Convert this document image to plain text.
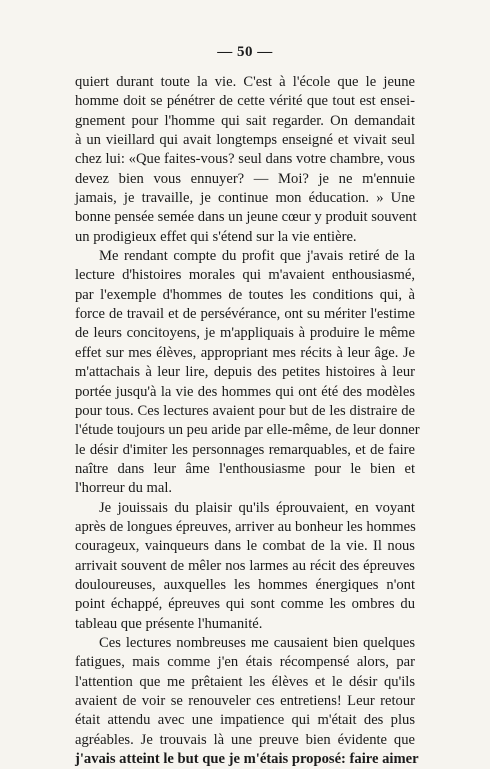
— 50 —
quiert durant toute la vie. C'est à l'école que le jeune
homme doit se pénétrer de cette vérité que tout est ensei-
gnement pour l'homme qui sait regarder. On demandait
à un vieillard qui avait longtemps enseigné et vivait seul
chez lui: «Que faites-vous? seul dans votre chambre, vous
devez bien vous ennuyer? — Moi? je ne m'ennuie
jamais, je travaille, je continue mon éducation. » Une
bonne pensée semée dans un jeune cœur y produit souvent
un prodigieux effet qui s'étend sur la vie entière.
Me rendant compte du profit que j'avais retiré de la
lecture d'histoires morales qui m'avaient enthousiasmé,
par l'exemple d'hommes de toutes les conditions qui, à
force de travail et de persévérance, ont su mériter l'estime
de leurs concitoyens, je m'appliquais à produire le même
effet sur mes élèves, appropriant mes récits à leur âge. Je
m'attachais à leur lire, depuis des petites histoires à leur
portée jusqu'à la vie des hommes qui ont été des modèles
pour tous. Ces lectures avaient pour but de les distraire de
l'étude toujours un peu aride par elle-même, de leur donner
le désir d'imiter les personnages remarquables, et de faire
naître dans leur âme l'enthousiasme pour le bien et
l'horreur du mal.
Je jouissais du plaisir qu'ils éprouvaient, en voyant
après de longues épreuves, arriver au bonheur les hommes
courageux, vainqueurs dans le combat de la vie. Il nous
arrivait souvent de mêler nos larmes au récit des épreuves
douloureuses, auxquelles les hommes énergiques n'ont
point échappé, épreuves qui sont comme les ombres du
tableau que présente l'humanité.
Ces lectures nombreuses me causaient bien quelques
fatigues, mais comme j'en étais récompensé alors, par
l'attention que me prêtaient les élèves et le désir qu'ils
avaient de voir se renouveler ces entretiens! Leur retour
était attendu avec une impatience qui m'était des plus
agréables. Je trouvais là une preuve bien évidente que
j'avais atteint le but que je m'étais proposé: faire aimer
